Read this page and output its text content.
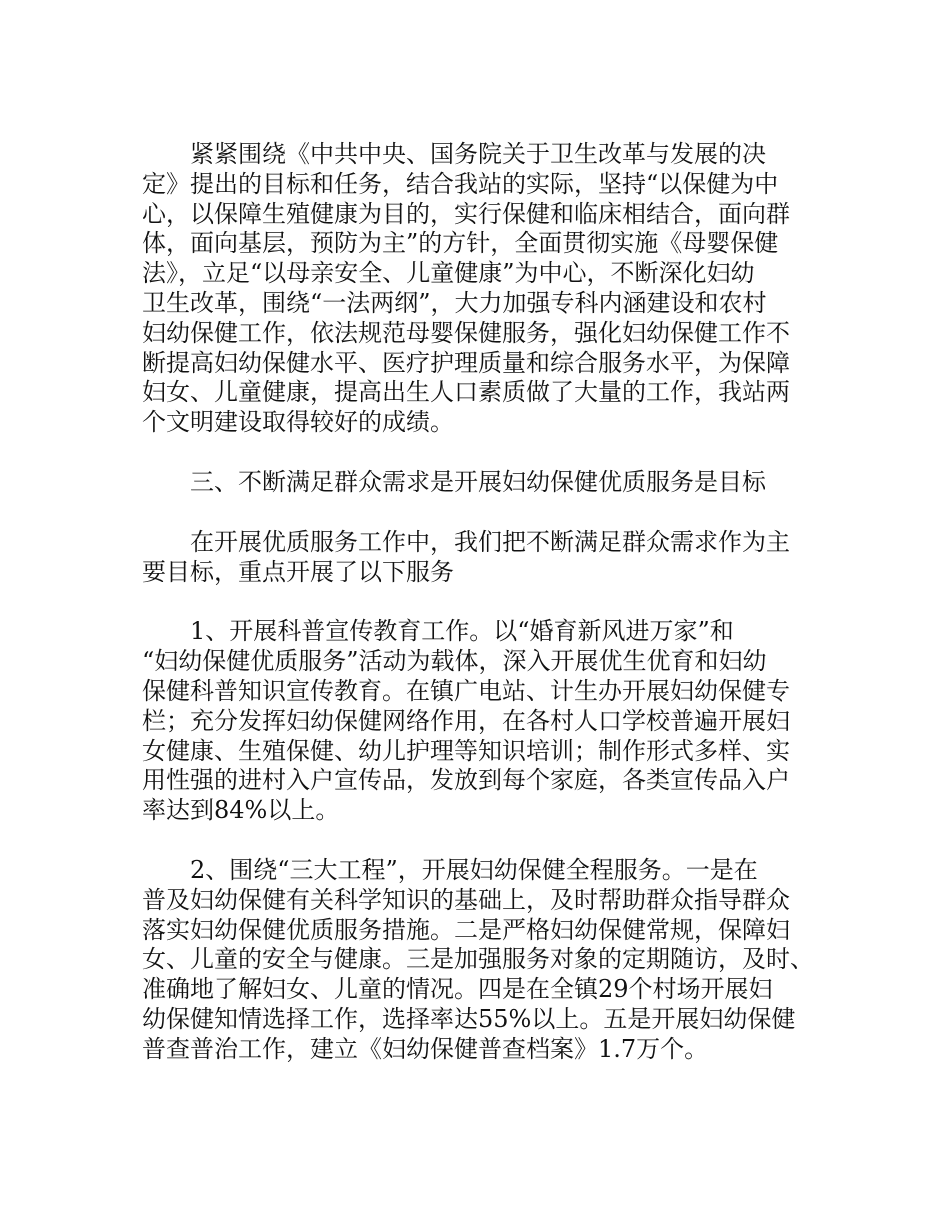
紧紧围绕《中共中央、国务院关于卫生改革与发展的决
定》提出的目标和任务，结合我站的实际，坚持“以保健为中
心，以保障生殖健康为目的，实行保健和临床相结合，面向群
体，面向基层，预防为主”的方针，全面贯彻实施《母婴保健
法》，立足“以母亲安全、儿童健康”为中心，不断深化妇幼
卫生改革，围绕“一法两纲”，大力加强专科内涵建设和农村
妇幼保健工作，依法规范母婴保健服务，强化妇幼保健工作不
断提高妇幼保健水平、医疗护理质量和综合服务水平，为保障
妇女、儿童健康，提高出生人口素质做了大量的工作，我站两
个文明建设取得较好的成绩。
三、不断满足群众需求是开展妇幼保健优质服务是目标
在开展优质服务工作中，我们把不断满足群众需求作为主
要目标，重点开展了以下服务
1、开展科普宣传教育工作。以“婚育新风进万家”和
“妇幼保健优质服务”活动为载体，深入开展优生优育和妇幼
保健科普知识宣传教育。在镇广电站、计生办开展妇幼保健专
栏；充分发挥妇幼保健网络作用，在各村人口学校普遍开展妇
女健康、生殖保健、幼儿护理等知识培训；制作形式多样、实
用性强的进村入户宣传品，发放到每个家庭，各类宣传品入户
率达到84%以上。
2、围绕“三大工程”，开展妇幼保健全程服务。一是在
普及妇幼保健有关科学知识的基础上，及时帮助群众指导群众
落实妇幼保健优质服务措施。二是严格妇幼保健常规，保障妇
女、儿童的安全与健康。三是加强服务对象的定期随访，及时、
准确地了解妇女、儿童的情况。四是在全镇29个村场开展妇
幼保健知情选择工作，选择率达55%以上。五是开展妇幼保健
普查普治工作，建立《妇幼保健普查档案》1.7万个。
